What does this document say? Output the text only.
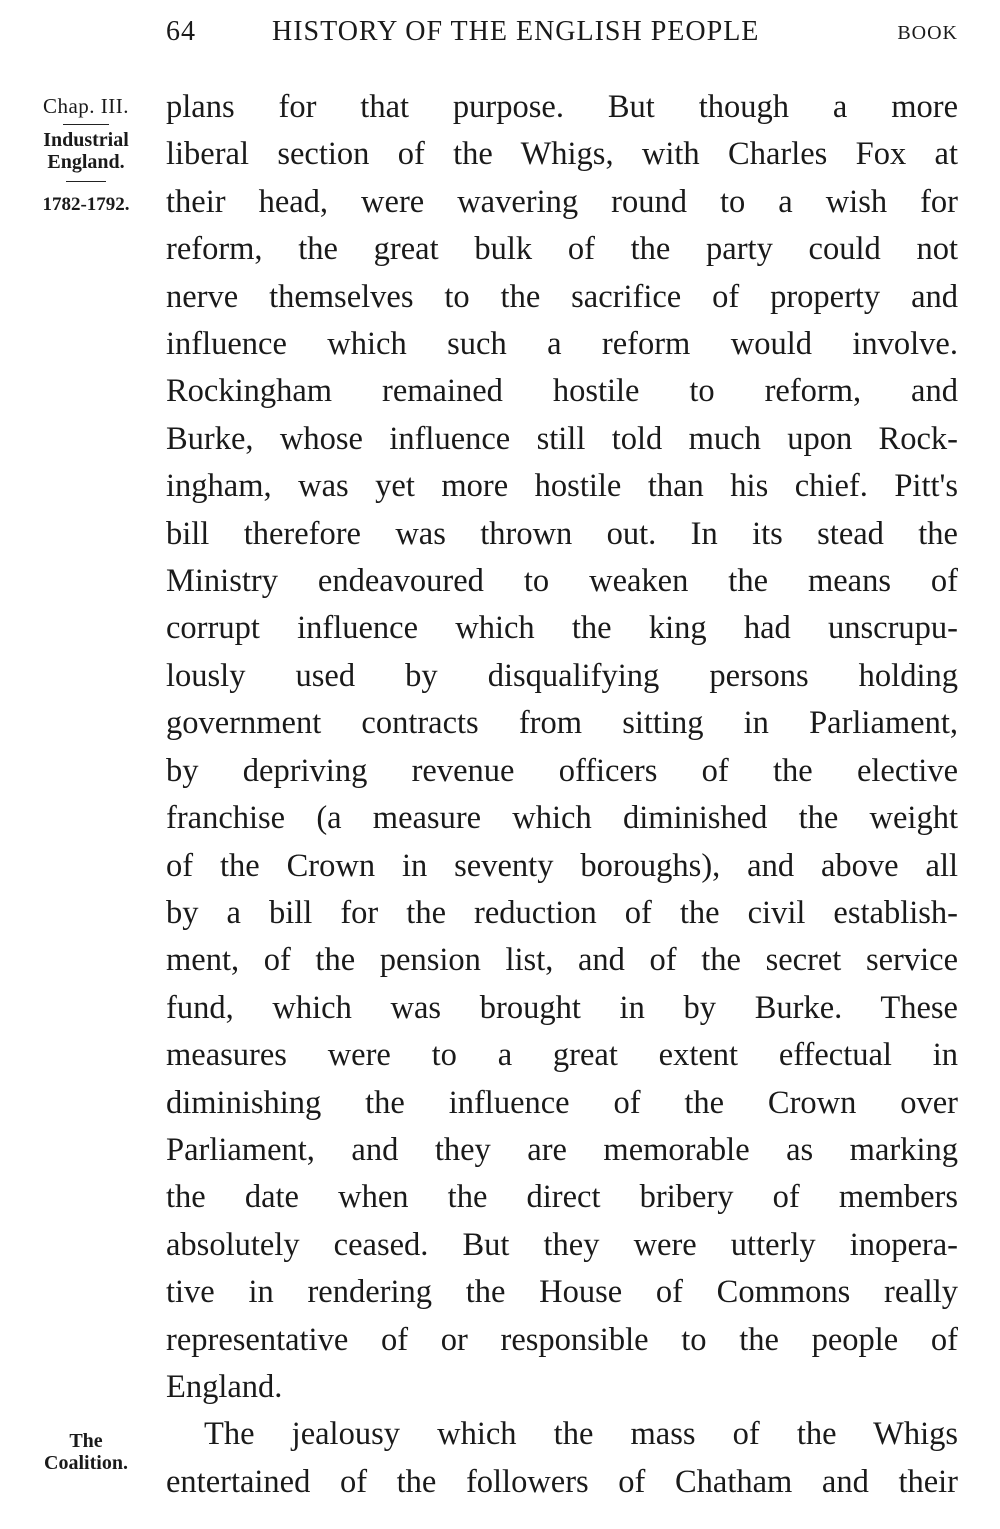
64	HISTORY OF THE ENGLISH PEOPLE	BOOK
Chap. III.
Industrial
England.
1782-1792.
The
Coalition.
plans for that purpose. But though a more
liberal section of the Whigs, with Charles Fox at
their head, were wavering round to a wish for
reform, the great bulk of the party could not
nerve themselves to the sacrifice of property and
influence which such a reform would involve.
Rockingham remained hostile to reform, and
Burke, whose influence still told much upon Rock-
ingham, was yet more hostile than his chief. Pitt's
bill therefore was thrown out. In its stead the
Ministry endeavoured to weaken the means of
corrupt influence which the king had unscrupu-
lously used by disqualifying persons holding
government contracts from sitting in Parliament,
by depriving revenue officers of the elective
franchise (a measure which diminished the weight
of the Crown in seventy boroughs), and above all
by a bill for the reduction of the civil establish-
ment, of the pension list, and of the secret service
fund, which was brought in by Burke. These
measures were to a great extent effectual in
diminishing the influence of the Crown over
Parliament, and they are memorable as marking
the date when the direct bribery of members
absolutely ceased. But they were utterly inopera-
tive in rendering the House of Commons really
representative of or responsible to the people of
England.
The jealousy which the mass of the Whigs
entertained of the followers of Chatham and their
